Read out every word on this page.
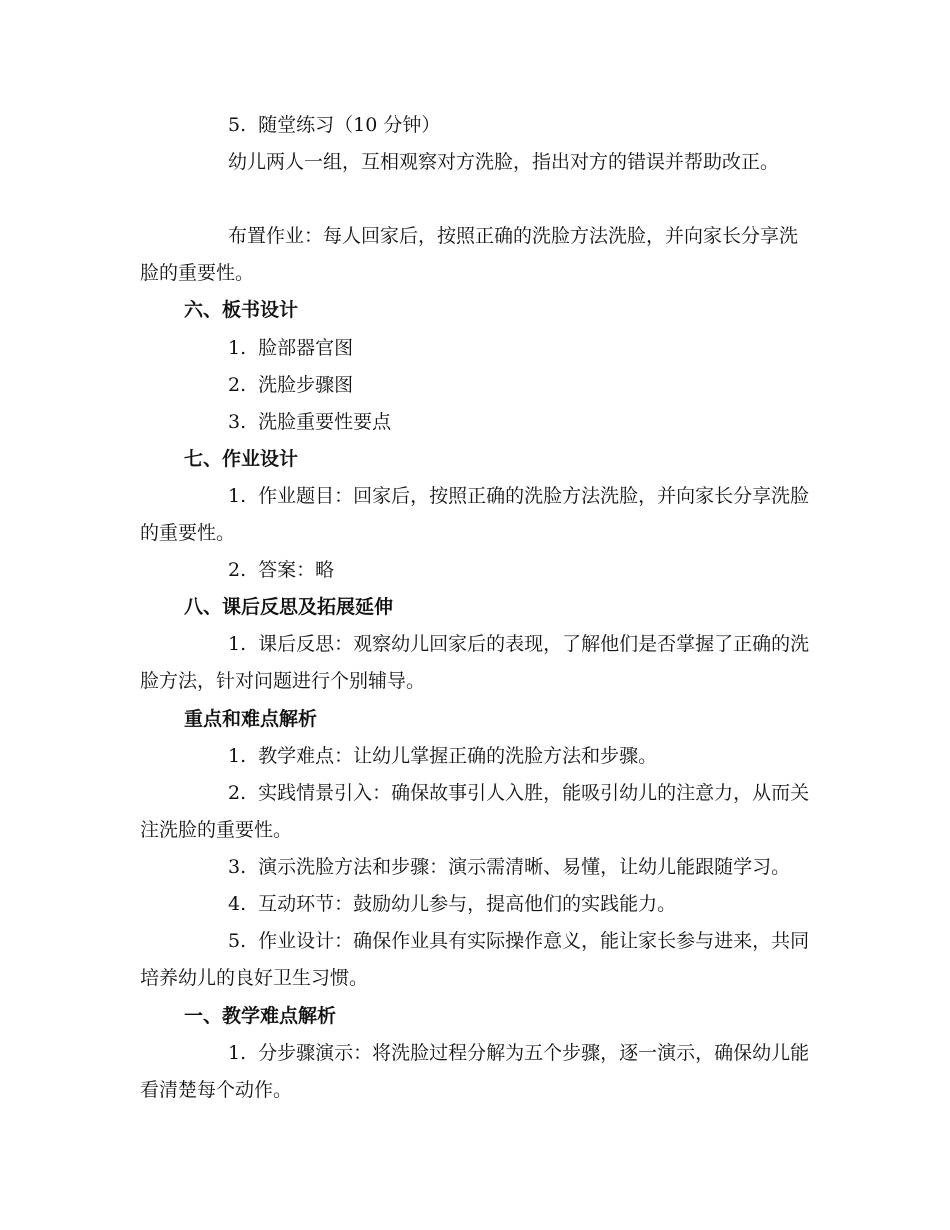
5. 随堂练习（10 分钟）

幼儿两人一组，互相观察对方洗脸，指出对方的错误并帮助改正。

布置作业：每人回家后，按照正确的洗脸方法洗脸，并向家长分享洗脸的重要性。

六、板书设计

1. 脸部器官图

2. 洗脸步骤图

3. 洗脸重要性要点

七、作业设计

1. 作业题目：回家后，按照正确的洗脸方法洗脸，并向家长分享洗脸的重要性。

2. 答案：略

八、课后反思及拓展延伸

1. 课后反思：观察幼儿回家后的表现，了解他们是否掌握了正确的洗脸方法，针对问题进行个别辅导。

重点和难点解析

1. 教学难点：让幼儿掌握正确的洗脸方法和步骤。

2. 实践情景引入：确保故事引人入胜，能吸引幼儿的注意力，从而关注洗脸的重要性。

3. 演示洗脸方法和步骤：演示需清晰、易懂，让幼儿能跟随学习。

4. 互动环节：鼓励幼儿参与，提高他们的实践能力。

5. 作业设计：确保作业具有实际操作意义，能让家长参与进来，共同培养幼儿的良好卫生习惯。

一、教学难点解析

1. 分步骤演示：将洗脸过程分解为五个步骤，逐一演示，确保幼儿能看清楚每个动作。
